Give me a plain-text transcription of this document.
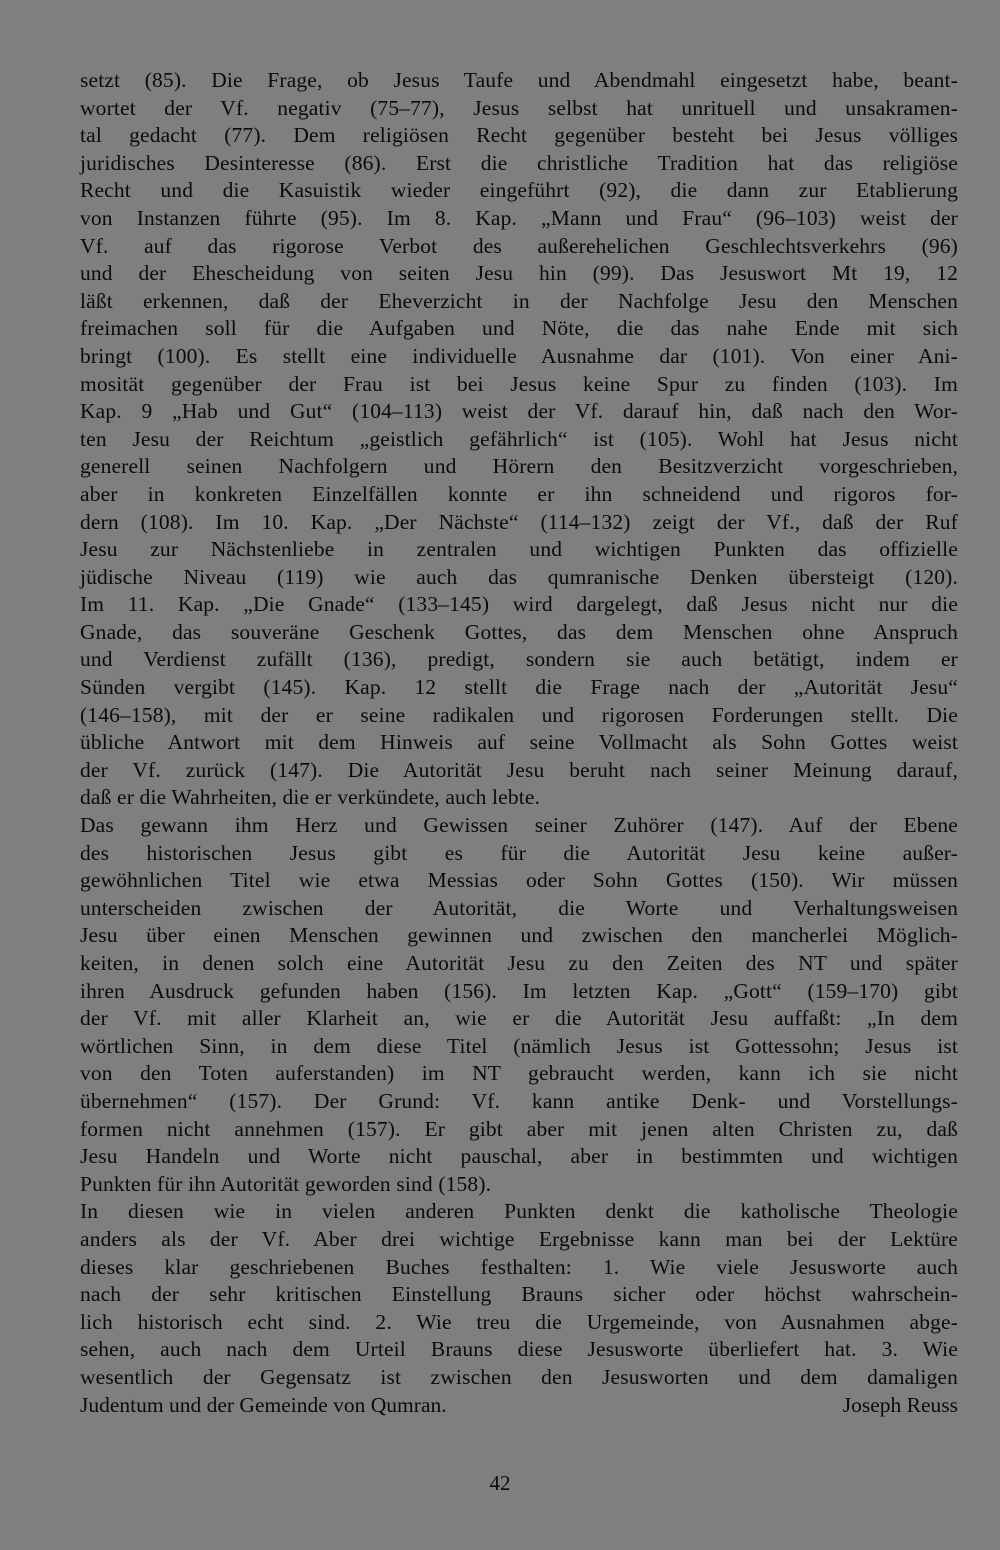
setzt (85). Die Frage, ob Jesus Taufe und Abendmahl eingesetzt habe, beant-
wortet der Vf. negativ (75–77), Jesus selbst hat unrituell und unsakramen-
tal gedacht (77). Dem religiösen Recht gegenüber besteht bei Jesus völliges
juridisches Desinteresse (86). Erst die christliche Tradition hat das religiöse
Recht und die Kasuistik wieder eingeführt (92), die dann zur Etablierung
von Instanzen führte (95). Im 8. Kap. „Mann und Frau“ (96–103) weist der
Vf. auf das rigorose Verbot des außerehelichen Geschlechtsverkehrs (96)
und der Ehescheidung von seiten Jesu hin (99). Das Jesuswort Mt 19, 12
läßt erkennen, daß der Eheverzicht in der Nachfolge Jesu den Menschen
freimachen soll für die Aufgaben und Nöte, die das nahe Ende mit sich
bringt (100). Es stellt eine individuelle Ausnahme dar (101). Von einer Ani-
mosität gegenüber der Frau ist bei Jesus keine Spur zu finden (103). Im
Kap. 9 „Hab und Gut“ (104–113) weist der Vf. darauf hin, daß nach den Wor-
ten Jesu der Reichtum „geistlich gefährlich“ ist (105). Wohl hat Jesus nicht
generell seinen Nachfolgern und Hörern den Besitzverzicht vorgeschrieben,
aber in konkreten Einzelfällen konnte er ihn schneidend und rigoros for-
dern (108). Im 10. Kap. „Der Nächste“ (114–132) zeigt der Vf., daß der Ruf
Jesu zur Nächstenliebe in zentralen und wichtigen Punkten das offizielle
jüdische Niveau (119) wie auch das qumranische Denken übersteigt (120).
Im 11. Kap. „Die Gnade“ (133–145) wird dargelegt, daß Jesus nicht nur die
Gnade, das souveräne Geschenk Gottes, das dem Menschen ohne Anspruch
und Verdienst zufällt (136), predigt, sondern sie auch betätigt, indem er
Sünden vergibt (145). Kap. 12 stellt die Frage nach der „Autorität Jesu“
(146–158), mit der er seine radikalen und rigorosen Forderungen stellt. Die
übliche Antwort mit dem Hinweis auf seine Vollmacht als Sohn Gottes weist
der Vf. zurück (147). Die Autorität Jesu beruht nach seiner Meinung darauf,
daß er die Wahrheiten, die er verkündete, auch lebte.
Das gewann ihm Herz und Gewissen seiner Zuhörer (147). Auf der Ebene
des historischen Jesus gibt es für die Autorität Jesu keine außer-
gewöhnlichen Titel wie etwa Messias oder Sohn Gottes (150). Wir müssen
unterscheiden zwischen der Autorität, die Worte und Verhaltungsweisen
Jesu über einen Menschen gewinnen und zwischen den mancherlei Möglich-
keiten, in denen solch eine Autorität Jesu zu den Zeiten des NT und später
ihren Ausdruck gefunden haben (156). Im letzten Kap. „Gott“ (159–170) gibt
der Vf. mit aller Klarheit an, wie er die Autorität Jesu auffaßt: „In dem
wörtlichen Sinn, in dem diese Titel (nämlich Jesus ist Gottessohn; Jesus ist
von den Toten auferstanden) im NT gebraucht werden, kann ich sie nicht
übernehmen“ (157). Der Grund: Vf. kann antike Denk- und Vorstellungs-
formen nicht annehmen (157). Er gibt aber mit jenen alten Christen zu, daß
Jesu Handeln und Worte nicht pauschal, aber in bestimmten und wichtigen
Punkten für ihn Autorität geworden sind (158).
In diesen wie in vielen anderen Punkten denkt die katholische Theologie
anders als der Vf. Aber drei wichtige Ergebnisse kann man bei der Lektüre
dieses klar geschriebenen Buches festhalten: 1. Wie viele Jesusworte auch
nach der sehr kritischen Einstellung Brauns sicher oder höchst wahrschein-
lich historisch echt sind. 2. Wie treu die Urgemeinde, von Ausnahmen abge-
sehen, auch nach dem Urteil Brauns diese Jesusworte überliefert hat. 3. Wie
wesentlich der Gegensatz ist zwischen den Jesusworten und dem damaligen
Judentum und der Gemeinde von Qumran.	Joseph Reuss
42
